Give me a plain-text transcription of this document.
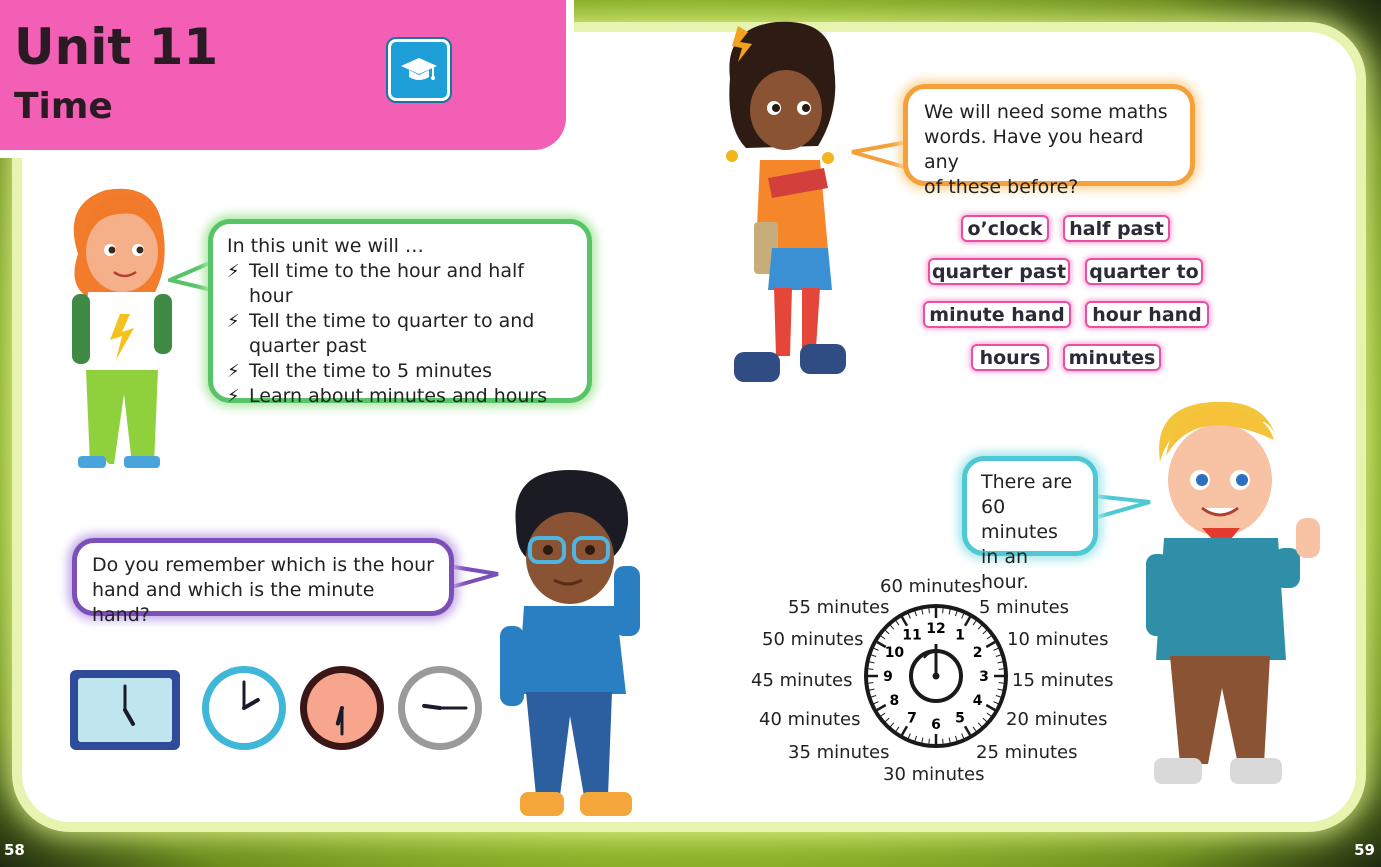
Unit 11
Time
In this unit we will …
⚡ Tell time to the hour and half hour
⚡ Tell the time to quarter to and
quarter past
⚡ Tell the time to 5 minutes
⚡ Learn about minutes and hours
We will need some maths
words. Have you heard any
of these before?
o’clock	half past
quarter past quarter to
minute hand	hour hand
hours	minutes
Do you remember which is the hour
hand and which is the minute hand?
12 1
2
3
4
5
6
7
8
9
10
11
60 minutes
5 minutes
10 minutes
15 minutes
20 minutes
25 minutes
30 minutes
35 minutes
40 minutes
45 minutes
50 minutes
55 minutes
There are
60 minutes
in an hour.
58	59
